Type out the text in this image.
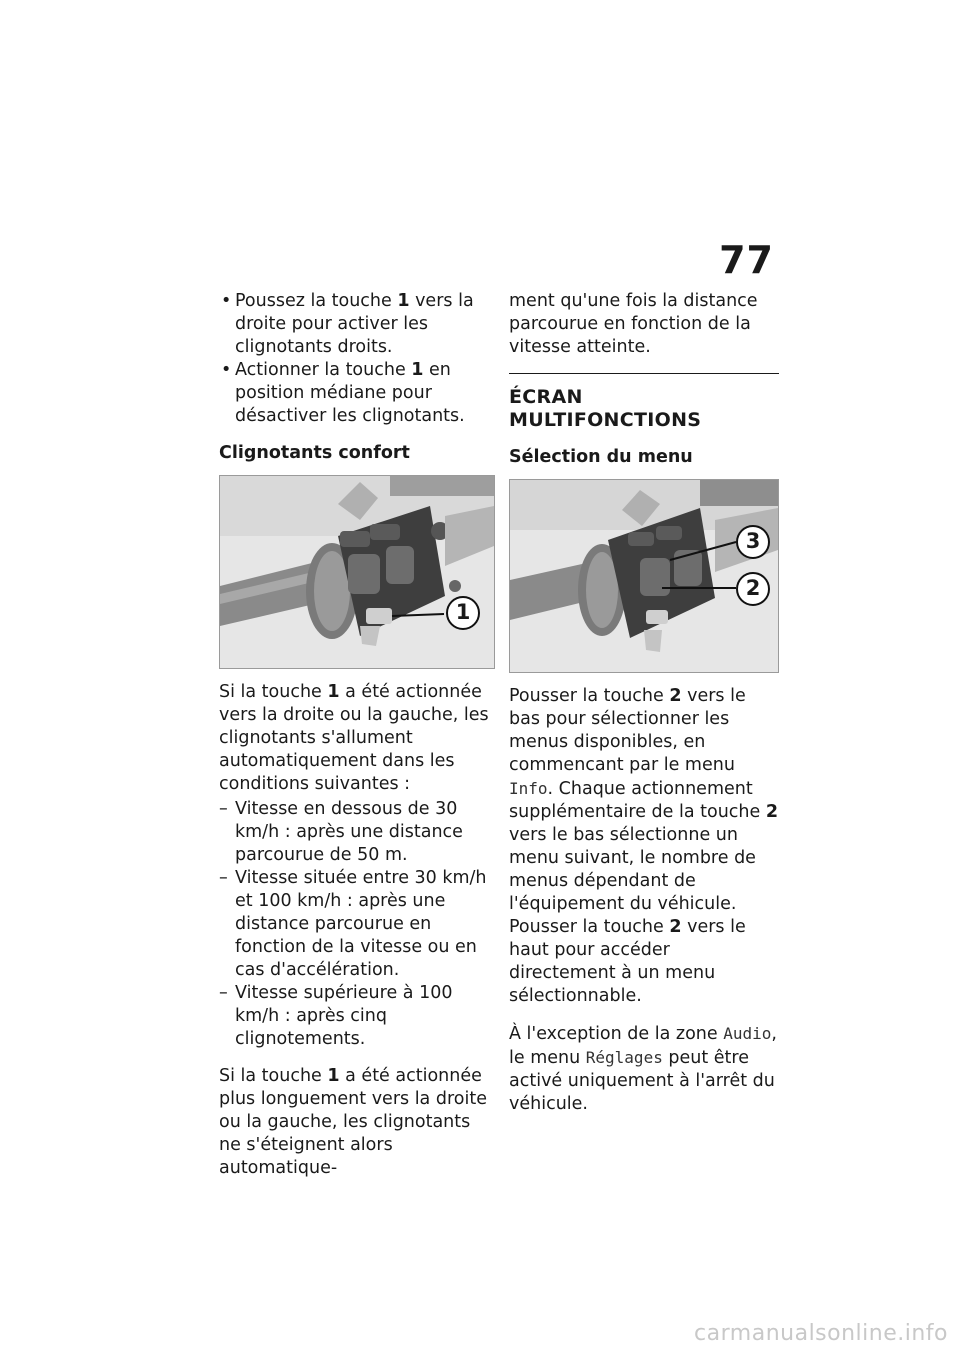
77
• Poussez la touche 1 vers la droite pour activer les clignotants droits.
• Actionner la touche 1 en position médiane pour désactiver les clignotants.
Clignotants confort
1

Si la touche 1 a été actionnée vers la droite ou la gauche, les clignotants s'allument automatiquement dans les conditions suivantes :

– Vitesse en dessous de 30 km/h : après une distance parcourue de 50 m.
– Vitesse située entre 30 km/h et 100 km/h : après une distance parcourue en fonction de la vitesse ou en cas d'accélération.
– Vitesse supérieure à 100 km/h : après cinq clignotements.

Si la touche 1 a été actionnée plus longuement vers la droite ou la gauche, les clignotants ne s'éteignent alors automatique-

ment qu'une fois la distance parcourue en fonction de la vitesse atteinte.

ÉCRAN MULTIFONCTIONS
Sélection du menu
3
2

Pousser la touche 2 vers le bas pour sélectionner les menus disponibles, en commencant par le menu Info. Chaque actionnement supplémentaire de la touche 2 vers le bas sélectionne un menu suivant, le nombre de menus dépendant de l'équipement du véhicule. Pousser la touche 2 vers le haut pour accéder directement à un menu sélectionnable.

À l'exception de la zone Audio, le menu Réglages peut être activé uniquement à l'arrêt du véhicule.

carmanualsonline.info
